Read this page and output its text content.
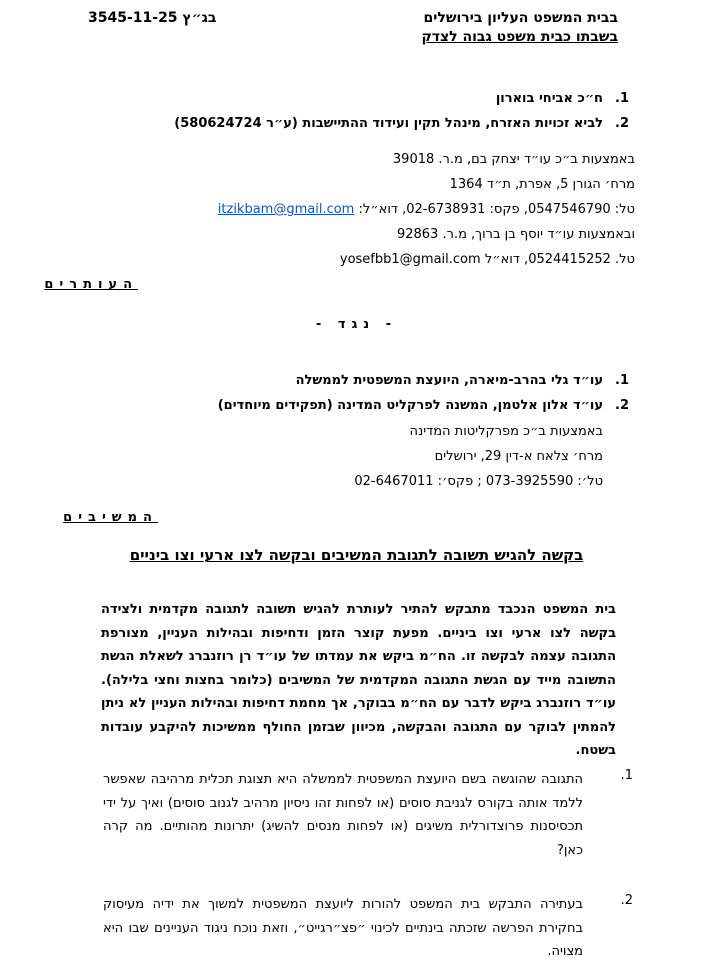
בבית המשפט העליון בירושלים
בשבתו כבית משפט גבוה לצדק
בג״ץ 3545-11-25
1.
ח״כ אביחי בוארון
2.
לביא זכויות האזרח, מינהל תקין ועידוד ההתיישבות (ע״ר 580624724)
באמצעות ב״כ עו״ד יצחק בם, מ.ר. 39018
מרח׳ הגורן 5, אפרת, ת״ד 1364
טל: 0547546790, פקס: 02-6738931, דוא״ל: itzikbam@gmail.com
ובאמצעות עו״ד יוסף בן ברוך, מ.ר. 92863
טל. 0524415252, דוא״ל yosefbb1@gmail.com
העותרים
- נגד -
1.
עו״ד גלי בהרב-מיארה, היועצת המשפטית לממשלה
2.
עו״ד אלון אלטמן, המשנה לפרקליט המדינה (תפקידים מיוחדים)
באמצעות ב״כ מפרקליטות המדינה
מרח׳ צלאח א-דין 29, ירושלים
טל׳: 073-3925590 ; פקס׳: 02-6467011
המשיבים
בקשה להגיש תשובה לתגובת המשיבים ובקשה לצו ארעי וצו ביניים
בית המשפט הנכבד מתבקש להתיר לעותרת להגיש תשובה לתגובה מקדמית ולצידה בקשה לצו ארעי וצו ביניים. מפעת קוצר הזמן ודחיפות ובהילות העניין, מצורפת התגובה עצמה לבקשה זו. הח״מ ביקש את עמדתו של עו״ד רן רוזנברג לשאלת הגשת התשובה מייד עם הגשת התגובה המקדמית של המשיבים (כלומר בחצות וחצי בלילה). עו״ד רוזנברג ביקש לדבר עם הח״מ בבוקר, אך מחמת דחיפות ובהילות העניין לא ניתן להמתין לבוקר עם התגובה והבקשה, מכיוון שבזמן החולף ממשיכות להיקבע עובדות בשטח.
1.
התגובה שהוגשה בשם היועצת המשפטית לממשלה היא תצוגת תכלית מרהיבה שאפשר ללמד אותה בקורס לגניבת סוסים (או לפחות זהו ניסיון מרהיב לגנוב סוסים) ואיך על ידי תכסיסנות פרוצדורלית משיגים (או לפחות מנסים להשיג) יתרונות מהותיים. מה קרה כאן?
2.
בעתירה התבקש בית המשפט להורות ליועצת המשפטית למשוך את ידיה מעיסוק בחקירת הפרשה שזכתה בינתיים לכינוי ״פצ״רגייט״, וזאת נוכח ניגוד העניינים שבו היא מצויה.
